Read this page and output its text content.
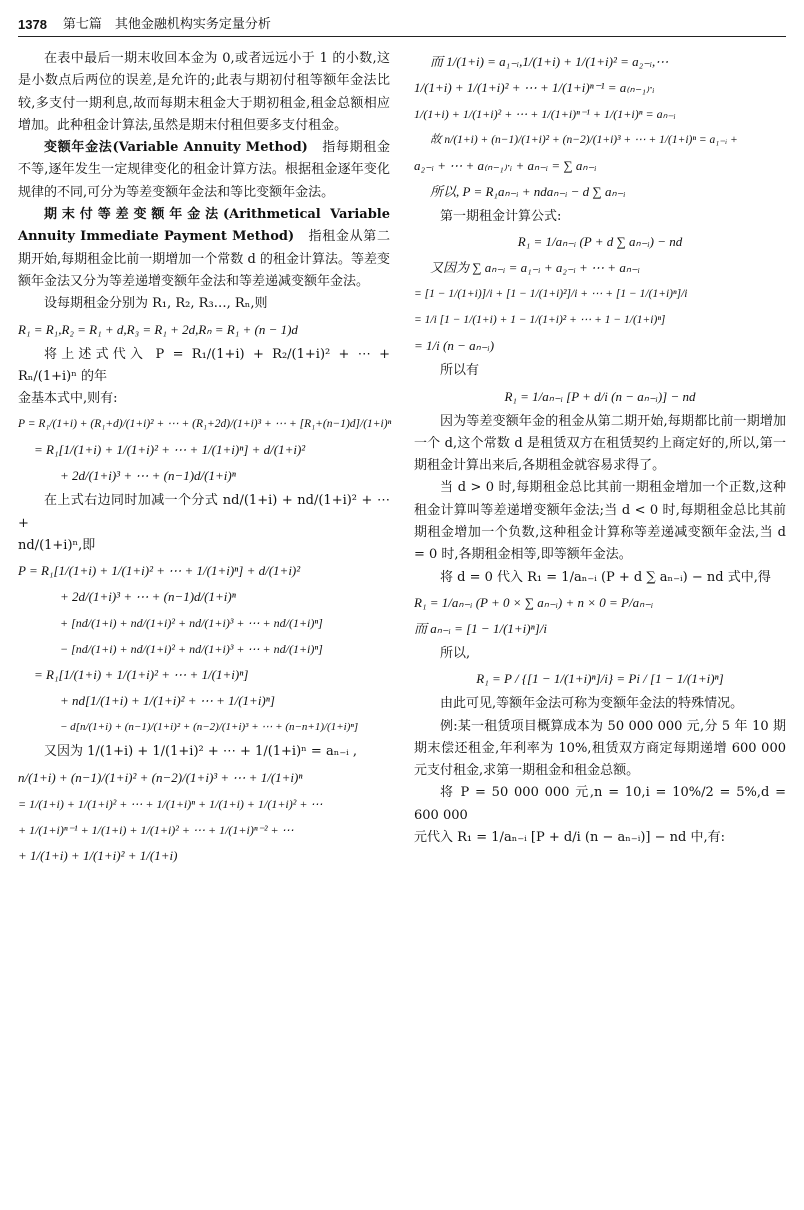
1378 第七篇　其他金融机构实务定量分析

在表中最后一期末收回本金为 0,或者远远小于 1 的小数,这是小数点后两位的误差,是允许的;此表与期初付租等额年金法比较,多支付一期利息,故而每期末租金大于期初租金,租金总额相应增加。此种租金计算法,虽然是期末付租但要多支付租金。

变额年金法(Variable Annuity Method)　指每期租金不等,逐年发生一定规律变化的租金计算方法。根据租金逐年变化规律的不同,可分为等差变额年金法和等比变额年金法。

期末付等差变额年金法(Arithmetical Variable Annuity Immediate Payment Method)　指租金从第二期开始,每期租金比前一期增加一个常数 d 的租金计算法。等差变额年金法又分为等差递增变额年金法和等差递减变额年金法。

设每期租金分别为 R₁, R₂, R₃…, Rₙ,则

R₁ = R₁,R₂ = R₁ + d,R₃ = R₁ + 2d,Rₙ = R₁ + (n − 1)d

将上述式代入 P = R₁/(1+i) + R₂/(1+i)² + ⋯ + Rₙ/(1+i)ⁿ 的年

金基本式中,则有:

P = R₁/(1+i) + (R₁+d)/(1+i)² + ⋯ + (R₁+2d)/(1+i)³ + ⋯ + [R₁+(n−1)d]/(1+i)ⁿ
= R₁[1/(1+i) + 1/(1+i)² + ⋯ + 1/(1+i)ⁿ] + d/(1+i)²
+ 2d/(1+i)³ + ⋯ + (n−1)d/(1+i)ⁿ

在上式右边同时加减一个分式 nd/(1+i) + nd/(1+i)² + ⋯ +

nd/(1+i)ⁿ,即

P = R₁[1/(1+i) + 1/(1+i)² + ⋯ + 1/(1+i)ⁿ] + d/(1+i)²
+ 2d/(1+i)³ + ⋯ + (n−1)d/(1+i)ⁿ
+ [nd/(1+i) + nd/(1+i)² + nd/(1+i)³ + ⋯ + nd/(1+i)ⁿ]
− [nd/(1+i) + nd/(1+i)² + nd/(1+i)³ + ⋯ + nd/(1+i)ⁿ]
= R₁[1/(1+i) + 1/(1+i)² + ⋯ + 1/(1+i)ⁿ]
+ nd[1/(1+i) + 1/(1+i)² + ⋯ + 1/(1+i)ⁿ]
− d[n/(1+i) + (n−1)/(1+i)² + (n−2)/(1+i)³ + ⋯ + (n−n+1)/(1+i)ⁿ]

又因为 1/(1+i) + 1/(1+i)² + ⋯ + 1/(1+i)ⁿ = aₙ₋ᵢ ,

n/(1+i) + (n−1)/(1+i)² + (n−2)/(1+i)³ + ⋯ + 1/(1+i)ⁿ
= 1/(1+i) + 1/(1+i)² + ⋯ + 1/(1+i)ⁿ + 1/(1+i) + 1/(1+i)² + ⋯
+ 1/(1+i)ⁿ⁻¹ + 1/(1+i) + 1/(1+i)² + ⋯ + 1/(1+i)ⁿ⁻² + ⋯
+ 1/(1+i) + 1/(1+i)² + 1/(1+i)
而 1/(1+i) = a₁₋ᵢ,1/(1+i) + 1/(1+i)² = a₂₋ᵢ,⋯
1/(1+i) + 1/(1+i)² + ⋯ + 1/(1+i)ⁿ⁻¹ = a₍ₙ₋₁₎·ᵢ
1/(1+i) + 1/(1+i)² + ⋯ + 1/(1+i)ⁿ⁻¹ + 1/(1+i)ⁿ = aₙ₋ᵢ
故 n/(1+i) + (n−1)/(1+i)² + (n−2)/(1+i)³ + ⋯ + 1/(1+i)ⁿ = a₁₋ᵢ +
a₂₋ᵢ + ⋯ + a₍ₙ₋₁₎·ᵢ + aₙ₋ᵢ = ∑ aₙ₋ᵢ
所以, P = R₁aₙ₋ᵢ + ndaₙ₋ᵢ − d ∑ aₙ₋ᵢ

第一期租金计算公式:

R₁ = 1/aₙ₋ᵢ (P + d ∑ aₙ₋ᵢ) − nd
又因为 ∑ aₙ₋ᵢ = a₁₋ᵢ + a₂₋ᵢ + ⋯ + aₙ₋ᵢ
= [1 − 1/(1+i)]/i + [1 − 1/(1+i)²]/i + ⋯ + [1 − 1/(1+i)ⁿ]/i
= 1/i [1 − 1/(1+i) + 1 − 1/(1+i)² + ⋯ + 1 − 1/(1+i)ⁿ]
= 1/i (n − aₙ₋ᵢ)

所以有

R₁ = 1/aₙ₋ᵢ [P + d/i (n − aₙ₋ᵢ)] − nd

因为等差变额年金的租金从第二期开始,每期都比前一期增加一个 d,这个常数 d 是租赁双方在租赁契约上商定好的,所以,第一期租金计算出来后,各期租金就容易求得了。

当 d > 0 时,每期租金总比其前一期租金增加一个正数,这种租金计算叫等差递增变额年金法;当 d < 0 时,每期租金总比其前期租金增加一个负数,这种租金计算称等差递减变额年金法,当 d = 0 时,各期租金相等,即等额年金法。

将 d = 0 代入 R₁ = 1/aₙ₋ᵢ (P + d ∑ aₙ₋ᵢ) − nd 式中,得

R₁ = 1/aₙ₋ᵢ (P + 0 × ∑ aₙ₋ᵢ) + n × 0 = P/aₙ₋ᵢ
而 aₙ₋ᵢ = [1 − 1/(1+i)ⁿ]/i

所以,

R₁ = P / {[1 − 1/(1+i)ⁿ]/i} = Pi / [1 − 1/(1+i)ⁿ]

由此可见,等额年金法可称为变额年金法的特殊情况。

例:某一租赁项目概算成本为 50 000 000 元,分 5 年 10 期期末偿还租金,年利率为 10%,租赁双方商定每期递增 600 000元支付租金,求第一期租金和租金总额。

将 P = 50 000 000 元,n = 10,i = 10%/2 = 5%,d = 600 000

元代入 R₁ = 1/aₙ₋ᵢ [P + d/i (n − aₙ₋ᵢ)] − nd 中,有:
